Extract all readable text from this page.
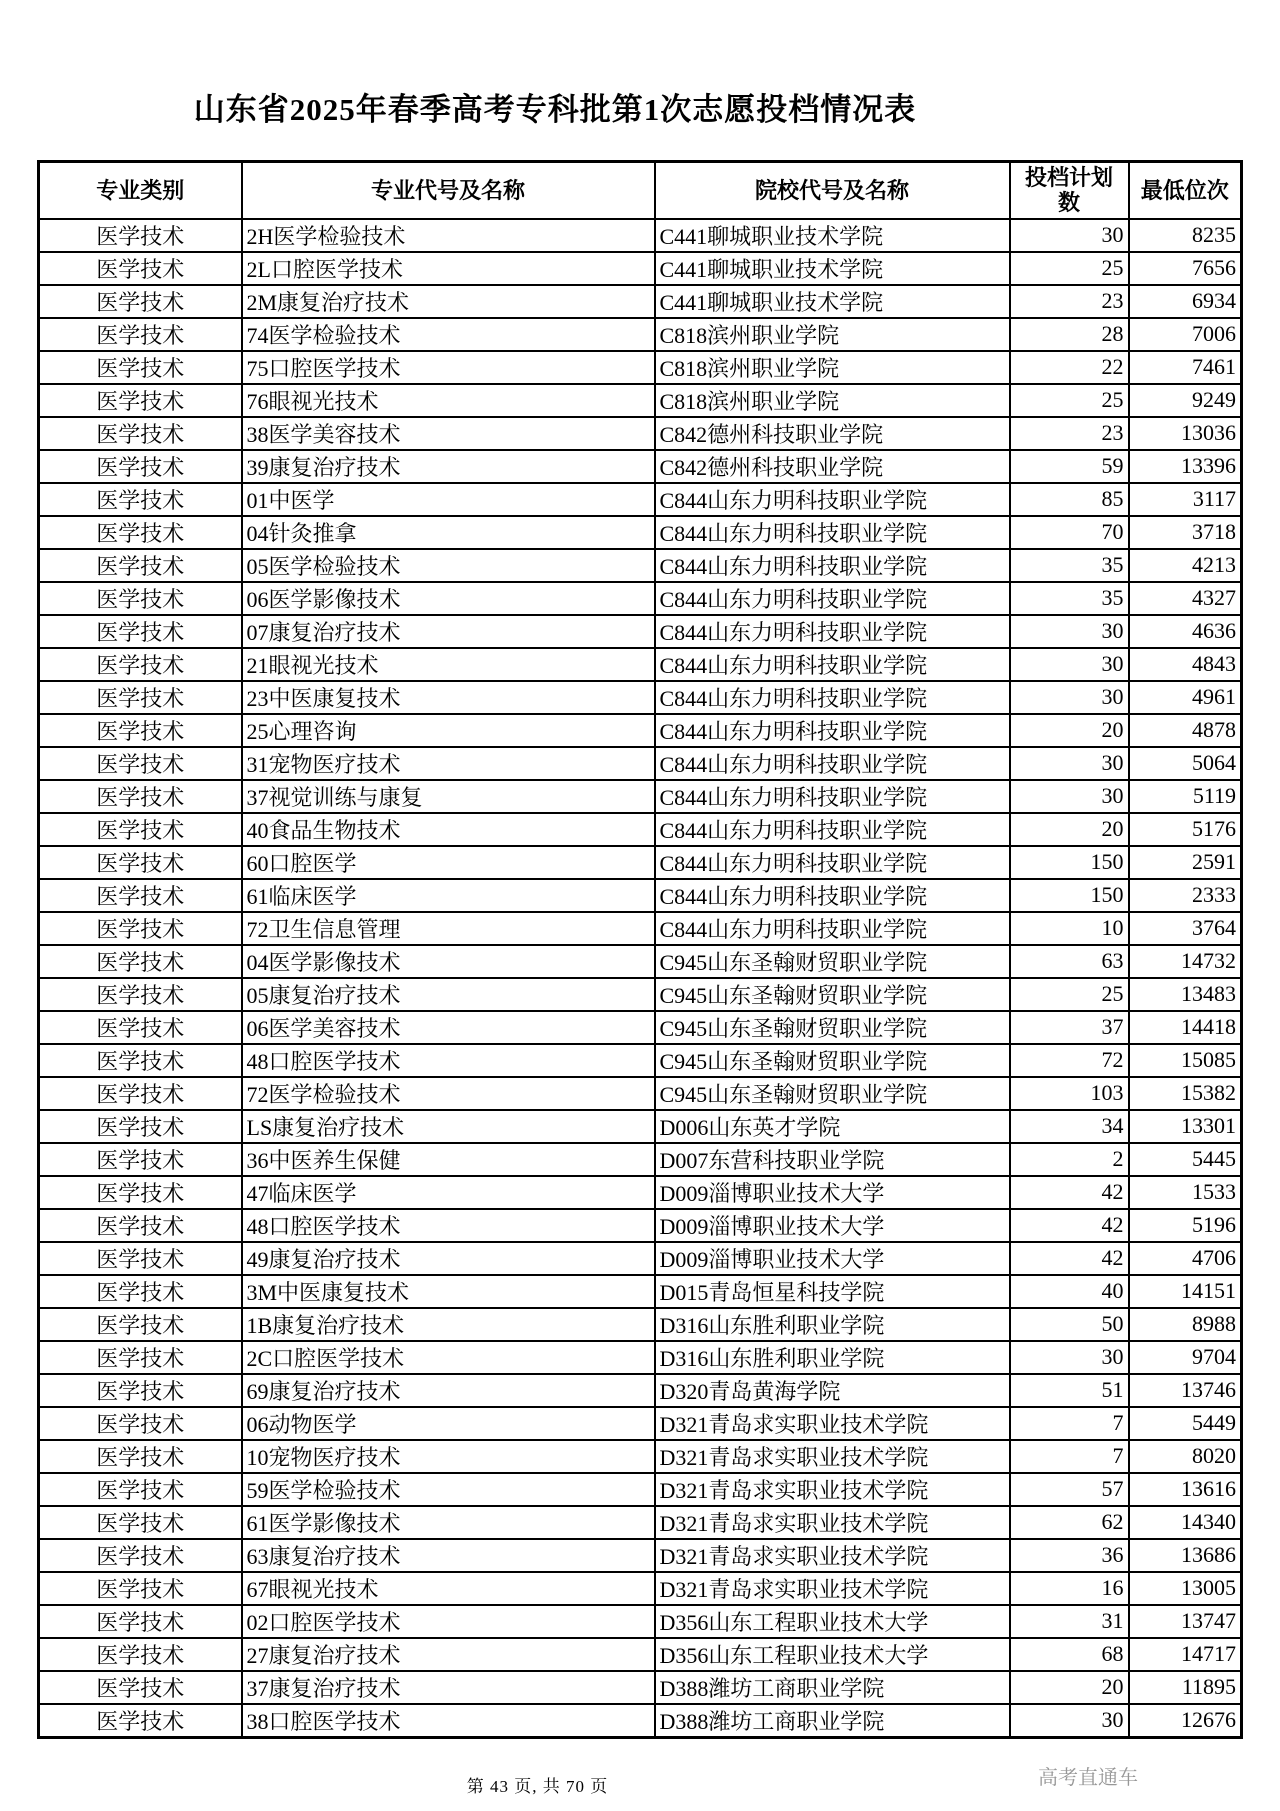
山东省2025年春季高考专科批第1次志愿投档情况表
专业类别	专业代号及名称	院校代号及名称	投档计划数	最低位次
医学技术	2H医学检验技术	C441聊城职业技术学院	30	8235
医学技术	2L口腔医学技术	C441聊城职业技术学院	25	7656
医学技术	2M康复治疗技术	C441聊城职业技术学院	23	6934
医学技术	74医学检验技术	C818滨州职业学院	28	7006
医学技术	75口腔医学技术	C818滨州职业学院	22	7461
医学技术	76眼视光技术	C818滨州职业学院	25	9249
医学技术	38医学美容技术	C842德州科技职业学院	23	13036
医学技术	39康复治疗技术	C842德州科技职业学院	59	13396
医学技术	01中医学	C844山东力明科技职业学院	85	3117
医学技术	04针灸推拿	C844山东力明科技职业学院	70	3718
医学技术	05医学检验技术	C844山东力明科技职业学院	35	4213
医学技术	06医学影像技术	C844山东力明科技职业学院	35	4327
医学技术	07康复治疗技术	C844山东力明科技职业学院	30	4636
医学技术	21眼视光技术	C844山东力明科技职业学院	30	4843
医学技术	23中医康复技术	C844山东力明科技职业学院	30	4961
医学技术	25心理咨询	C844山东力明科技职业学院	20	4878
医学技术	31宠物医疗技术	C844山东力明科技职业学院	30	5064
医学技术	37视觉训练与康复	C844山东力明科技职业学院	30	5119
医学技术	40食品生物技术	C844山东力明科技职业学院	20	5176
医学技术	60口腔医学	C844山东力明科技职业学院	150	2591
医学技术	61临床医学	C844山东力明科技职业学院	150	2333
医学技术	72卫生信息管理	C844山东力明科技职业学院	10	3764
医学技术	04医学影像技术	C945山东圣翰财贸职业学院	63	14732
医学技术	05康复治疗技术	C945山东圣翰财贸职业学院	25	13483
医学技术	06医学美容技术	C945山东圣翰财贸职业学院	37	14418
医学技术	48口腔医学技术	C945山东圣翰财贸职业学院	72	15085
医学技术	72医学检验技术	C945山东圣翰财贸职业学院	103	15382
医学技术	LS康复治疗技术	D006山东英才学院	34	13301
医学技术	36中医养生保健	D007东营科技职业学院	2	5445
医学技术	47临床医学	D009淄博职业技术大学	42	1533
医学技术	48口腔医学技术	D009淄博职业技术大学	42	5196
医学技术	49康复治疗技术	D009淄博职业技术大学	42	4706
医学技术	3M中医康复技术	D015青岛恒星科技学院	40	14151
医学技术	1B康复治疗技术	D316山东胜利职业学院	50	8988
医学技术	2C口腔医学技术	D316山东胜利职业学院	30	9704
医学技术	69康复治疗技术	D320青岛黄海学院	51	13746
医学技术	06动物医学	D321青岛求实职业技术学院	7	5449
医学技术	10宠物医疗技术	D321青岛求实职业技术学院	7	8020
医学技术	59医学检验技术	D321青岛求实职业技术学院	57	13616
医学技术	61医学影像技术	D321青岛求实职业技术学院	62	14340
医学技术	63康复治疗技术	D321青岛求实职业技术学院	36	13686
医学技术	67眼视光技术	D321青岛求实职业技术学院	16	13005
医学技术	02口腔医学技术	D356山东工程职业技术大学	31	13747
医学技术	27康复治疗技术	D356山东工程职业技术大学	68	14717
医学技术	37康复治疗技术	D388潍坊工商职业学院	20	11895
医学技术	38口腔医学技术	D388潍坊工商职业学院	30	12676
第 43 页, 共 70 页	高考直通车
